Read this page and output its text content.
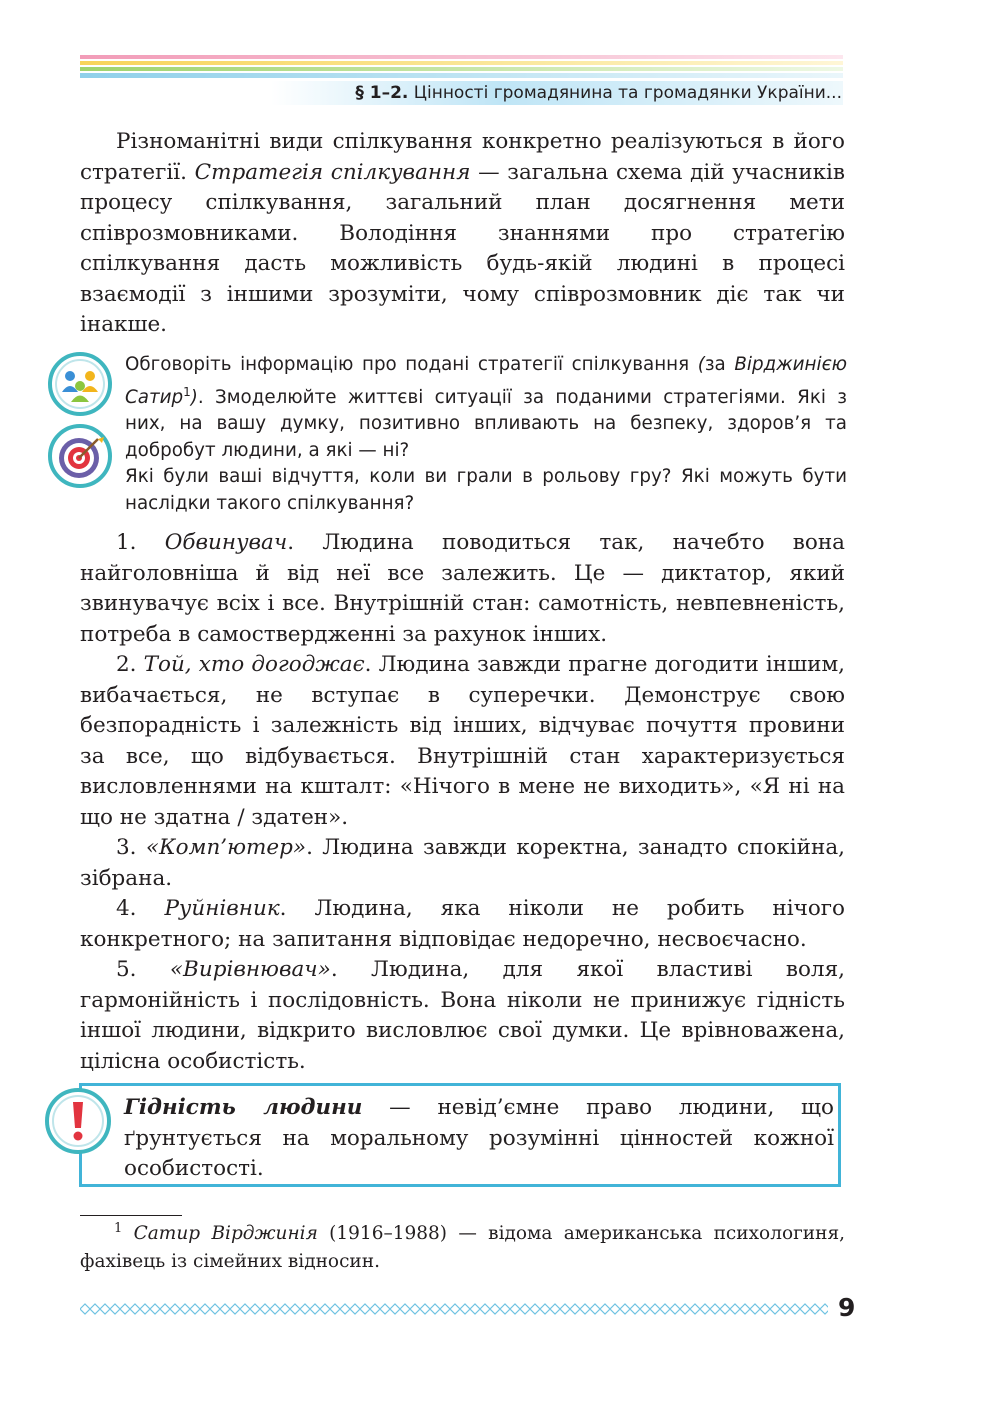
§ 1–2. Цінності громадянина та громадянки України...

Різноманітні види спілкування конкретно реалізуються в його стратегії. Стратегія спілкування — загальна схема дій учасників процесу спілкування, загальний план досягнення мети співрозмовниками. Володіння знаннями про стратегію спілкування дасть можливість будь-якій людині в процесі взаємодії з іншими зрозуміти, чому співрозмовник діє так чи інакше.

Обговоріть інформацію про подані стратегії спілкування (за Вірджинією Сатир$^1$). Змоделюйте життєві ситуації за поданими стратегіями. Які з них, на вашу думку, позитивно впливають на безпеку, здоров’я та добробут людини, а які — ні?

Які були ваші відчуття, коли ви грали в рольову гру? Які можуть бути наслідки такого спілкування?

1. Обвинувач. Людина поводиться так, начебто вона найголовніша й від неї все залежить. Це — диктатор, який звинувачує всіх і все. Внутрішній стан: самотність, невпевненість, потреба в самоствердженні за рахунок інших.

2. Той, хто догоджає. Людина завжди прагне догодити іншим, вибачається, не вступає в суперечки. Демонструє свою безпорадність і залежність від інших, відчуває почуття провини за все, що відбувається. Внутрішній стан характеризується висловленнями на кшталт: «Нічого в мене не виходить», «Я ні на що не здатна / здатен».

3. «Комп’ютер». Людина завжди коректна, занадто спокійна, зібрана.

4. Руйнівник. Людина, яка ніколи не робить нічого конкретного; на запитання відповідає недоречно, несвоєчасно.

5. «Вирівнювач». Людина, для якої властиві воля, гармонійність і послідовність. Вона ніколи не принижує гідність іншої людини, відкрито висловлює свої думки. Це врівноважена, цілісна особистість.

Гідність людини — невід’ємне право людини, що ґрунтується на моральному розумінні цінностей кожної особистості.

$^1$ Сатир Вірджинія (1916–1988) — відома американська психологиня, фахівець із сімейних відносин.

9
